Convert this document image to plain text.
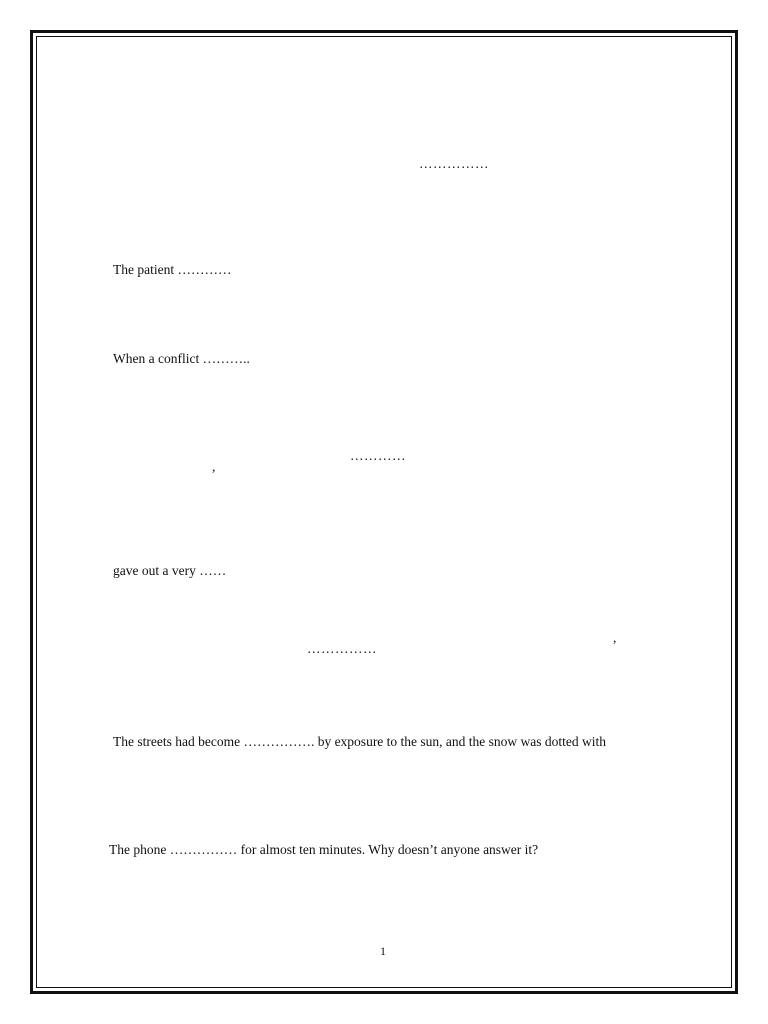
……………
The patient …………
When a conflict ………..
…………
,
gave out a very ……
……………
,
The streets had become ……………. by exposure to the sun, and the snow was dotted with
The phone …………… for almost ten minutes. Why doesn’t anyone answer it?
1
